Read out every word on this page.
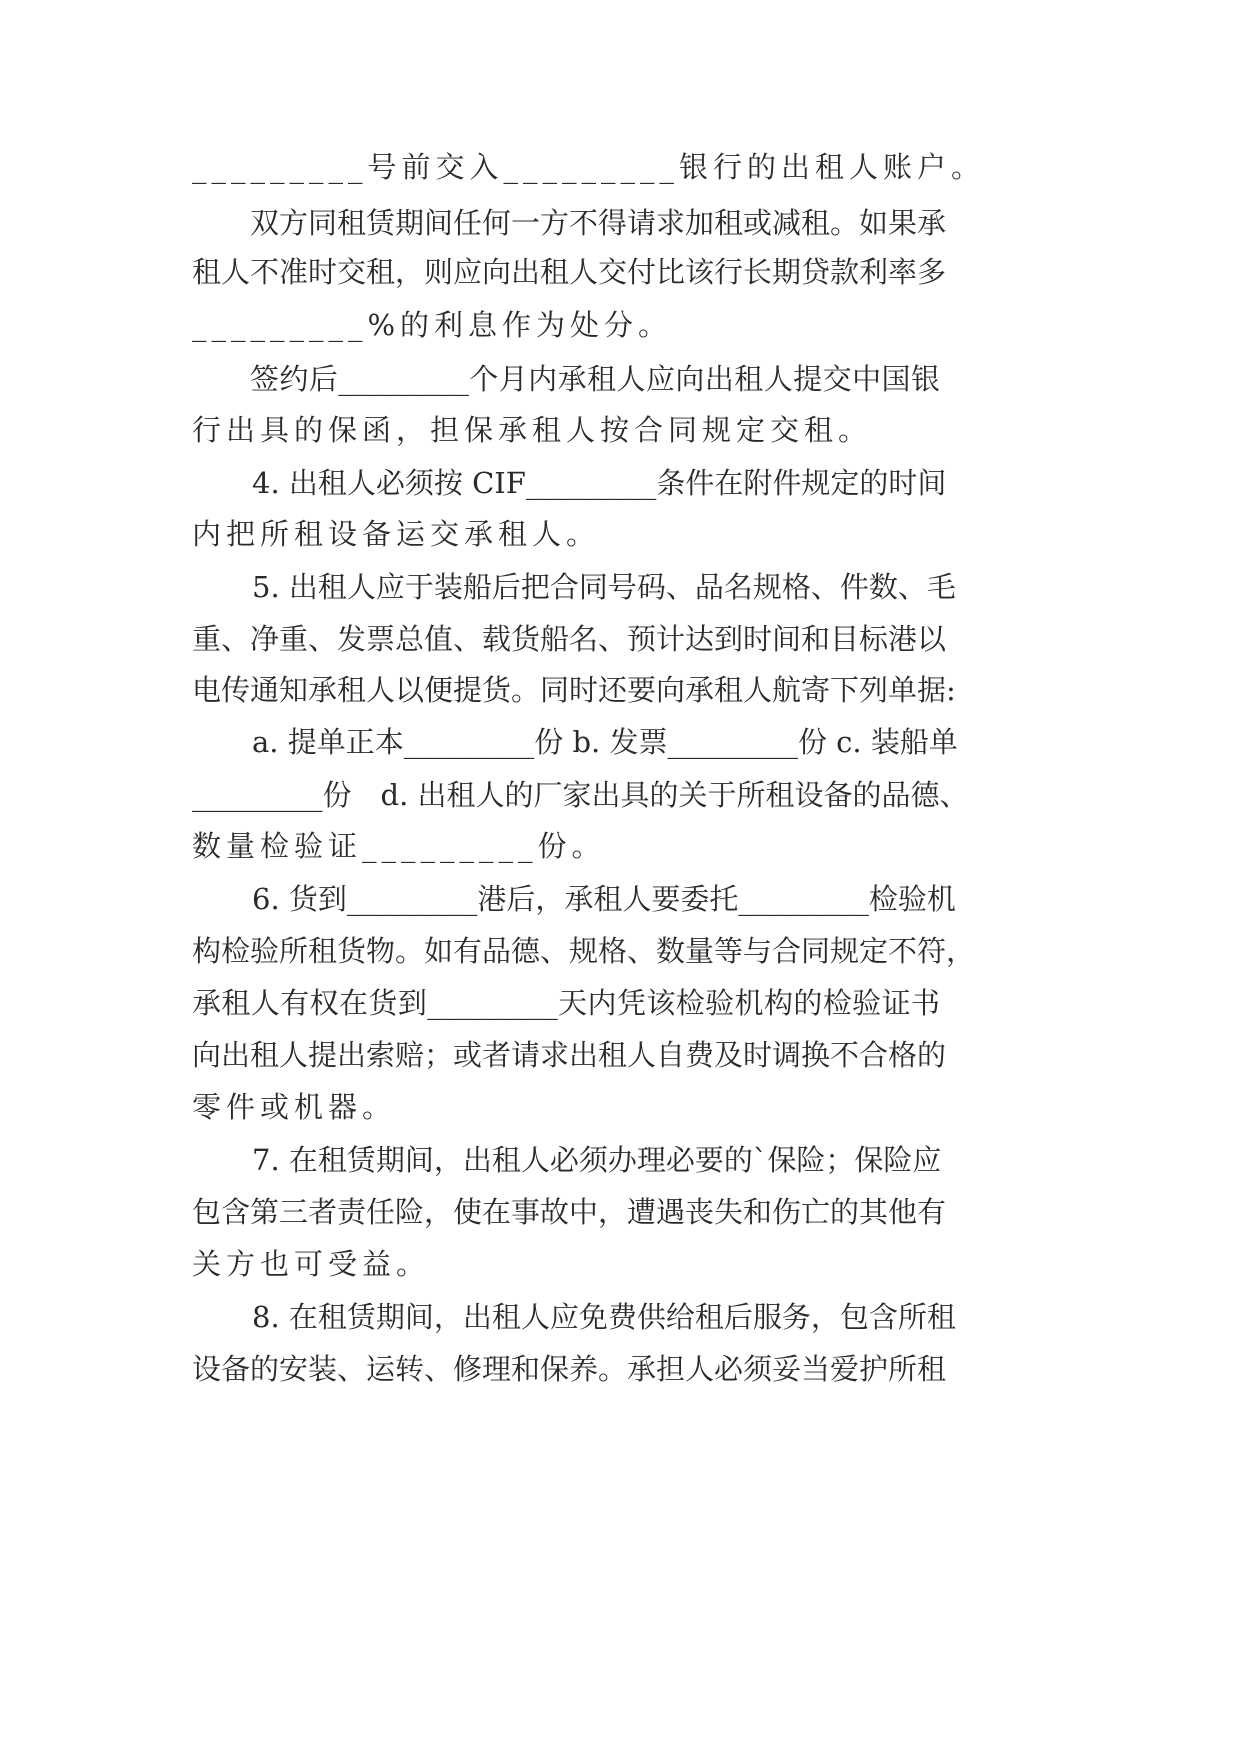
_________号前交入_________银行的出租人账户。
双方同租赁期间任何一方不得请求加租或减租。如果承
租人不准时交租，则应向出租人交付比该行长期贷款利率多
_________%的利息作为处分。
签约后_________个月内承租人应向出租人提交中国银
行出具的保函，担保承租人按合同规定交租。
4. 出租人必须按 CIF_________条件在附件规定的时间
内把所租设备运交承租人。
5. 出租人应于装船后把合同号码、品名规格、件数、毛
重、净重、发票总值、载货船名、预计达到时间和目标港以
电传通知承租人以便提货。同时还要向承租人航寄下列单据:
a. 提单正本_________份 b. 发票_________份 c. 装船单
_________份　d. 出租人的厂家出具的关于所租设备的品德、
数量检验证_________份。
6. 货到_________港后，承租人要委托_________检验机
构检验所租货物。如有品德、规格、数量等与合同规定不符，
承租人有权在货到_________天内凭该检验机构的检验证书
向出租人提出索赔；或者请求出租人自费及时调换不合格的
零件或机器。
7. 在租赁期间，出租人必须办理必要的`保险；保险应
包含第三者责任险，使在事故中，遭遇丧失和伤亡的其他有
关方也可受益。
8. 在租赁期间，出租人应免费供给租后服务，包含所租
设备的安装、运转、修理和保养。承担人必须妥当爱护所租
